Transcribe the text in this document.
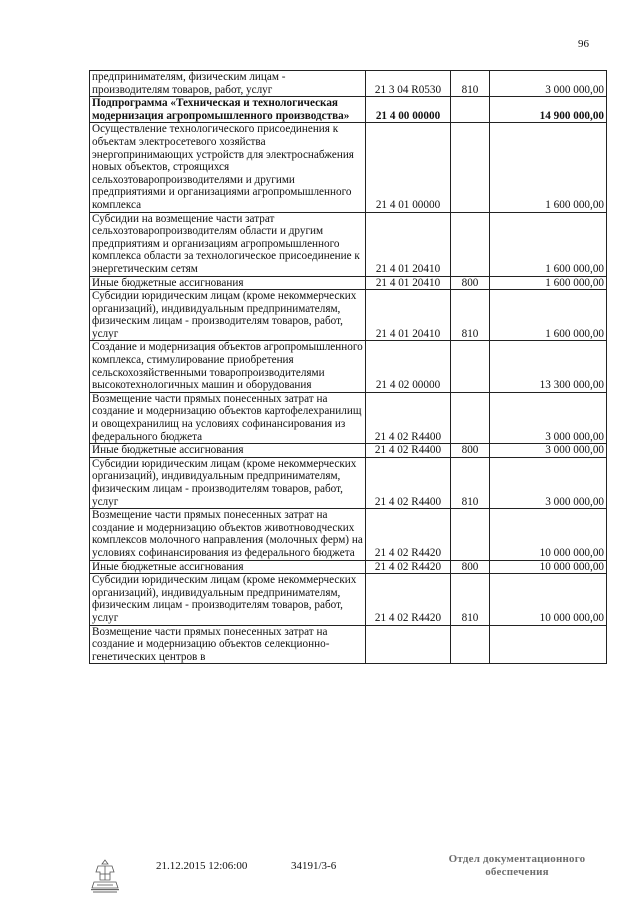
96
предпринимателям, физическим лицам - производителям товаров, работ, услуг	21 3 04 R0530	810	3 000 000,00
Подпрограмма «Техническая и технологическая модернизация агропромышленного производства»	21 4 00 00000		14 900 000,00
Осуществление технологического присоединения к объектам электросетевого хозяйства энергопринимающих устройств для электроснабжения новых объектов, строящихся сельхозтоваропроизводителями и другими предприятиями и организациями агропромышленного комплекса	21 4 01 00000		1 600 000,00
Субсидии на возмещение части затрат сельхозтоваропроизводителям области и другим предприятиям и организациям агропромышленного комплекса области за технологическое присоединение к энергетическим сетям	21 4 01 20410		1 600 000,00
Иные бюджетные ассигнования	21 4 01 20410	800	1 600 000,00
Субсидии юридическим лицам (кроме некоммерческих организаций), индивидуальным предпринимателям, физическим лицам - производителям товаров, работ, услуг	21 4 01 20410	810	1 600 000,00
Создание и модернизация объектов агропромышленного комплекса, стимулирование приобретения сельскохозяйственными товаропроизводителями высокотехнологичных машин и оборудования	21 4 02 00000		13 300 000,00
Возмещение части прямых понесенных затрат на создание и модернизацию объектов картофелехранилищ и овощехранилищ на условиях софинансирования из федерального бюджета	21 4 02 R4400		3 000 000,00
Иные бюджетные ассигнования	21 4 02 R4400	800	3 000 000,00
Субсидии юридическим лицам (кроме некоммерческих организаций), индивидуальным предпринимателям, физическим лицам - производителям товаров, работ, услуг	21 4 02 R4400	810	3 000 000,00
Возмещение части прямых понесенных затрат на создание и модернизацию объектов животноводческих комплексов молочного направления (молочных ферм) на условиях софинансирования из федерального бюджета	21 4 02 R4420		10 000 000,00
Иные бюджетные ассигнования	21 4 02 R4420	800	10 000 000,00
Субсидии юридическим лицам (кроме некоммерческих организаций), индивидуальным предпринимателям, физическим лицам - производителям товаров, работ, услуг	21 4 02 R4420	810	10 000 000,00
Возмещение части прямых понесенных затрат на создание и модернизацию объектов селекционно-генетических центров в			
21.12.2015 12:06:00	34191/3-6
Отдел документационного
обеспечения
